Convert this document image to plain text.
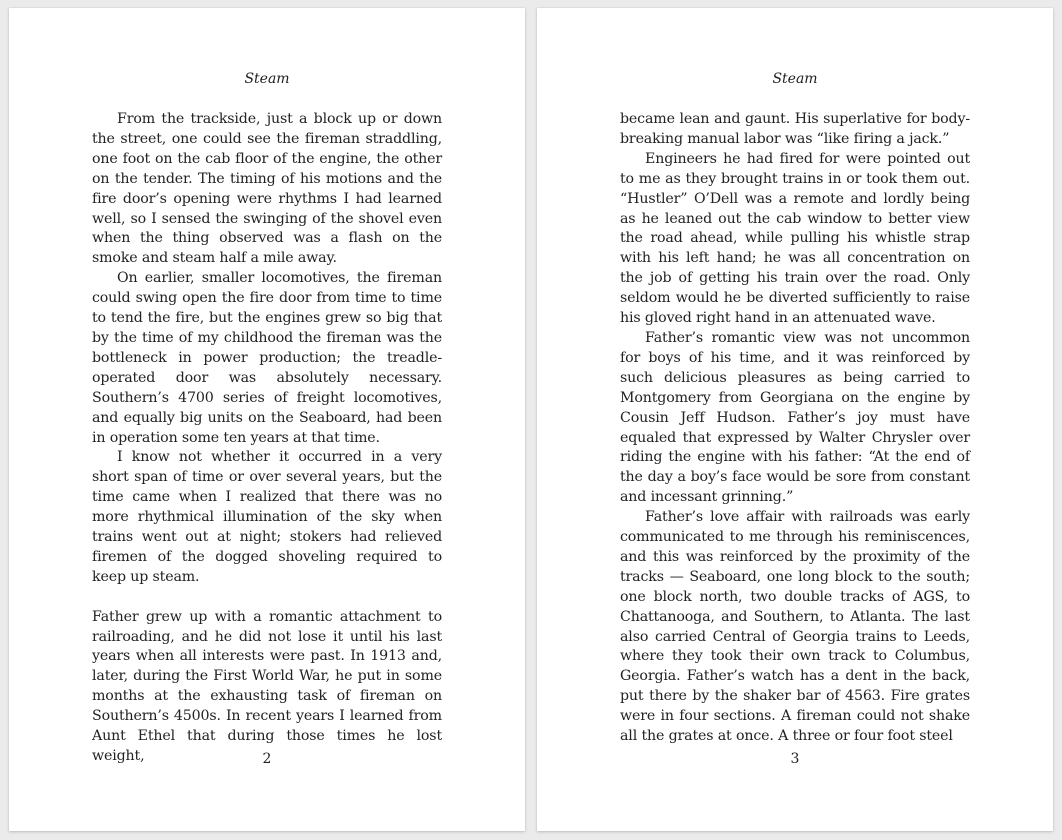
Steam

From the trackside, just a block up or down the street, one could see the fireman straddling, one foot on the cab floor of the engine, the other on the tender. The timing of his motions and the fire door’s opening were rhythms I had learned well, so I sensed the swinging of the shovel even when the thing observed was a flash on the smoke and steam half a mile away.

On earlier, smaller locomotives, the fireman could swing open the fire door from time to time to tend the fire, but the engines grew so big that by the time of my childhood the fireman was the bottleneck in power production; the treadle-operated door was absolutely necessary. Southern’s 4700 series of freight locomotives, and equally big units on the Seaboard, had been in operation some ten years at that time.

I know not whether it occurred in a very short span of time or over several years, but the time came when I realized that there was no more rhythmical illumination of the sky when trains went out at night; stokers had relieved firemen of the dogged shoveling required to keep up steam.

Father grew up with a romantic attachment to railroading, and he did not lose it until his last years when all interests were past. In 1913 and, later, during the First World War, he put in some months at the exhausting task of fireman on Southern’s 4500s. In recent years I learned from Aunt Ethel that during those times he lost weight,	2
Steam

became lean and gaunt. His superlative for body-breaking manual labor was “like firing a jack.”

Engineers he had fired for were pointed out to me as they brought trains in or took them out. “Hustler” O’Dell was a remote and lordly being as he leaned out the cab window to better view the road ahead, while pulling his whistle strap with his left hand; he was all concentration on the job of getting his train over the road. Only seldom would he be diverted sufficiently to raise his gloved right hand in an attenuated wave.

Father’s romantic view was not uncommon for boys of his time, and it was reinforced by such delicious pleasures as being carried to Montgomery from Georgiana on the engine by Cousin Jeff Hudson. Father’s joy must have equaled that expressed by Walter Chrysler over riding the engine with his father: “At the end of the day a boy’s face would be sore from constant and incessant grinning.”

Father’s love affair with railroads was early communicated to me through his reminiscences, and this was reinforced by the proximity of the tracks — Seaboard, one long block to the south; one block north, two double tracks of AGS, to Chattanooga, and Southern, to Atlanta. The last also carried Central of Georgia trains to Leeds, where they took their own track to Columbus, Georgia. Father’s watch has a dent in the back, put there by the shaker bar of 4563. Fire grates were in four sections. A fireman could not shake all the grates at once. A three or four foot steel

3
